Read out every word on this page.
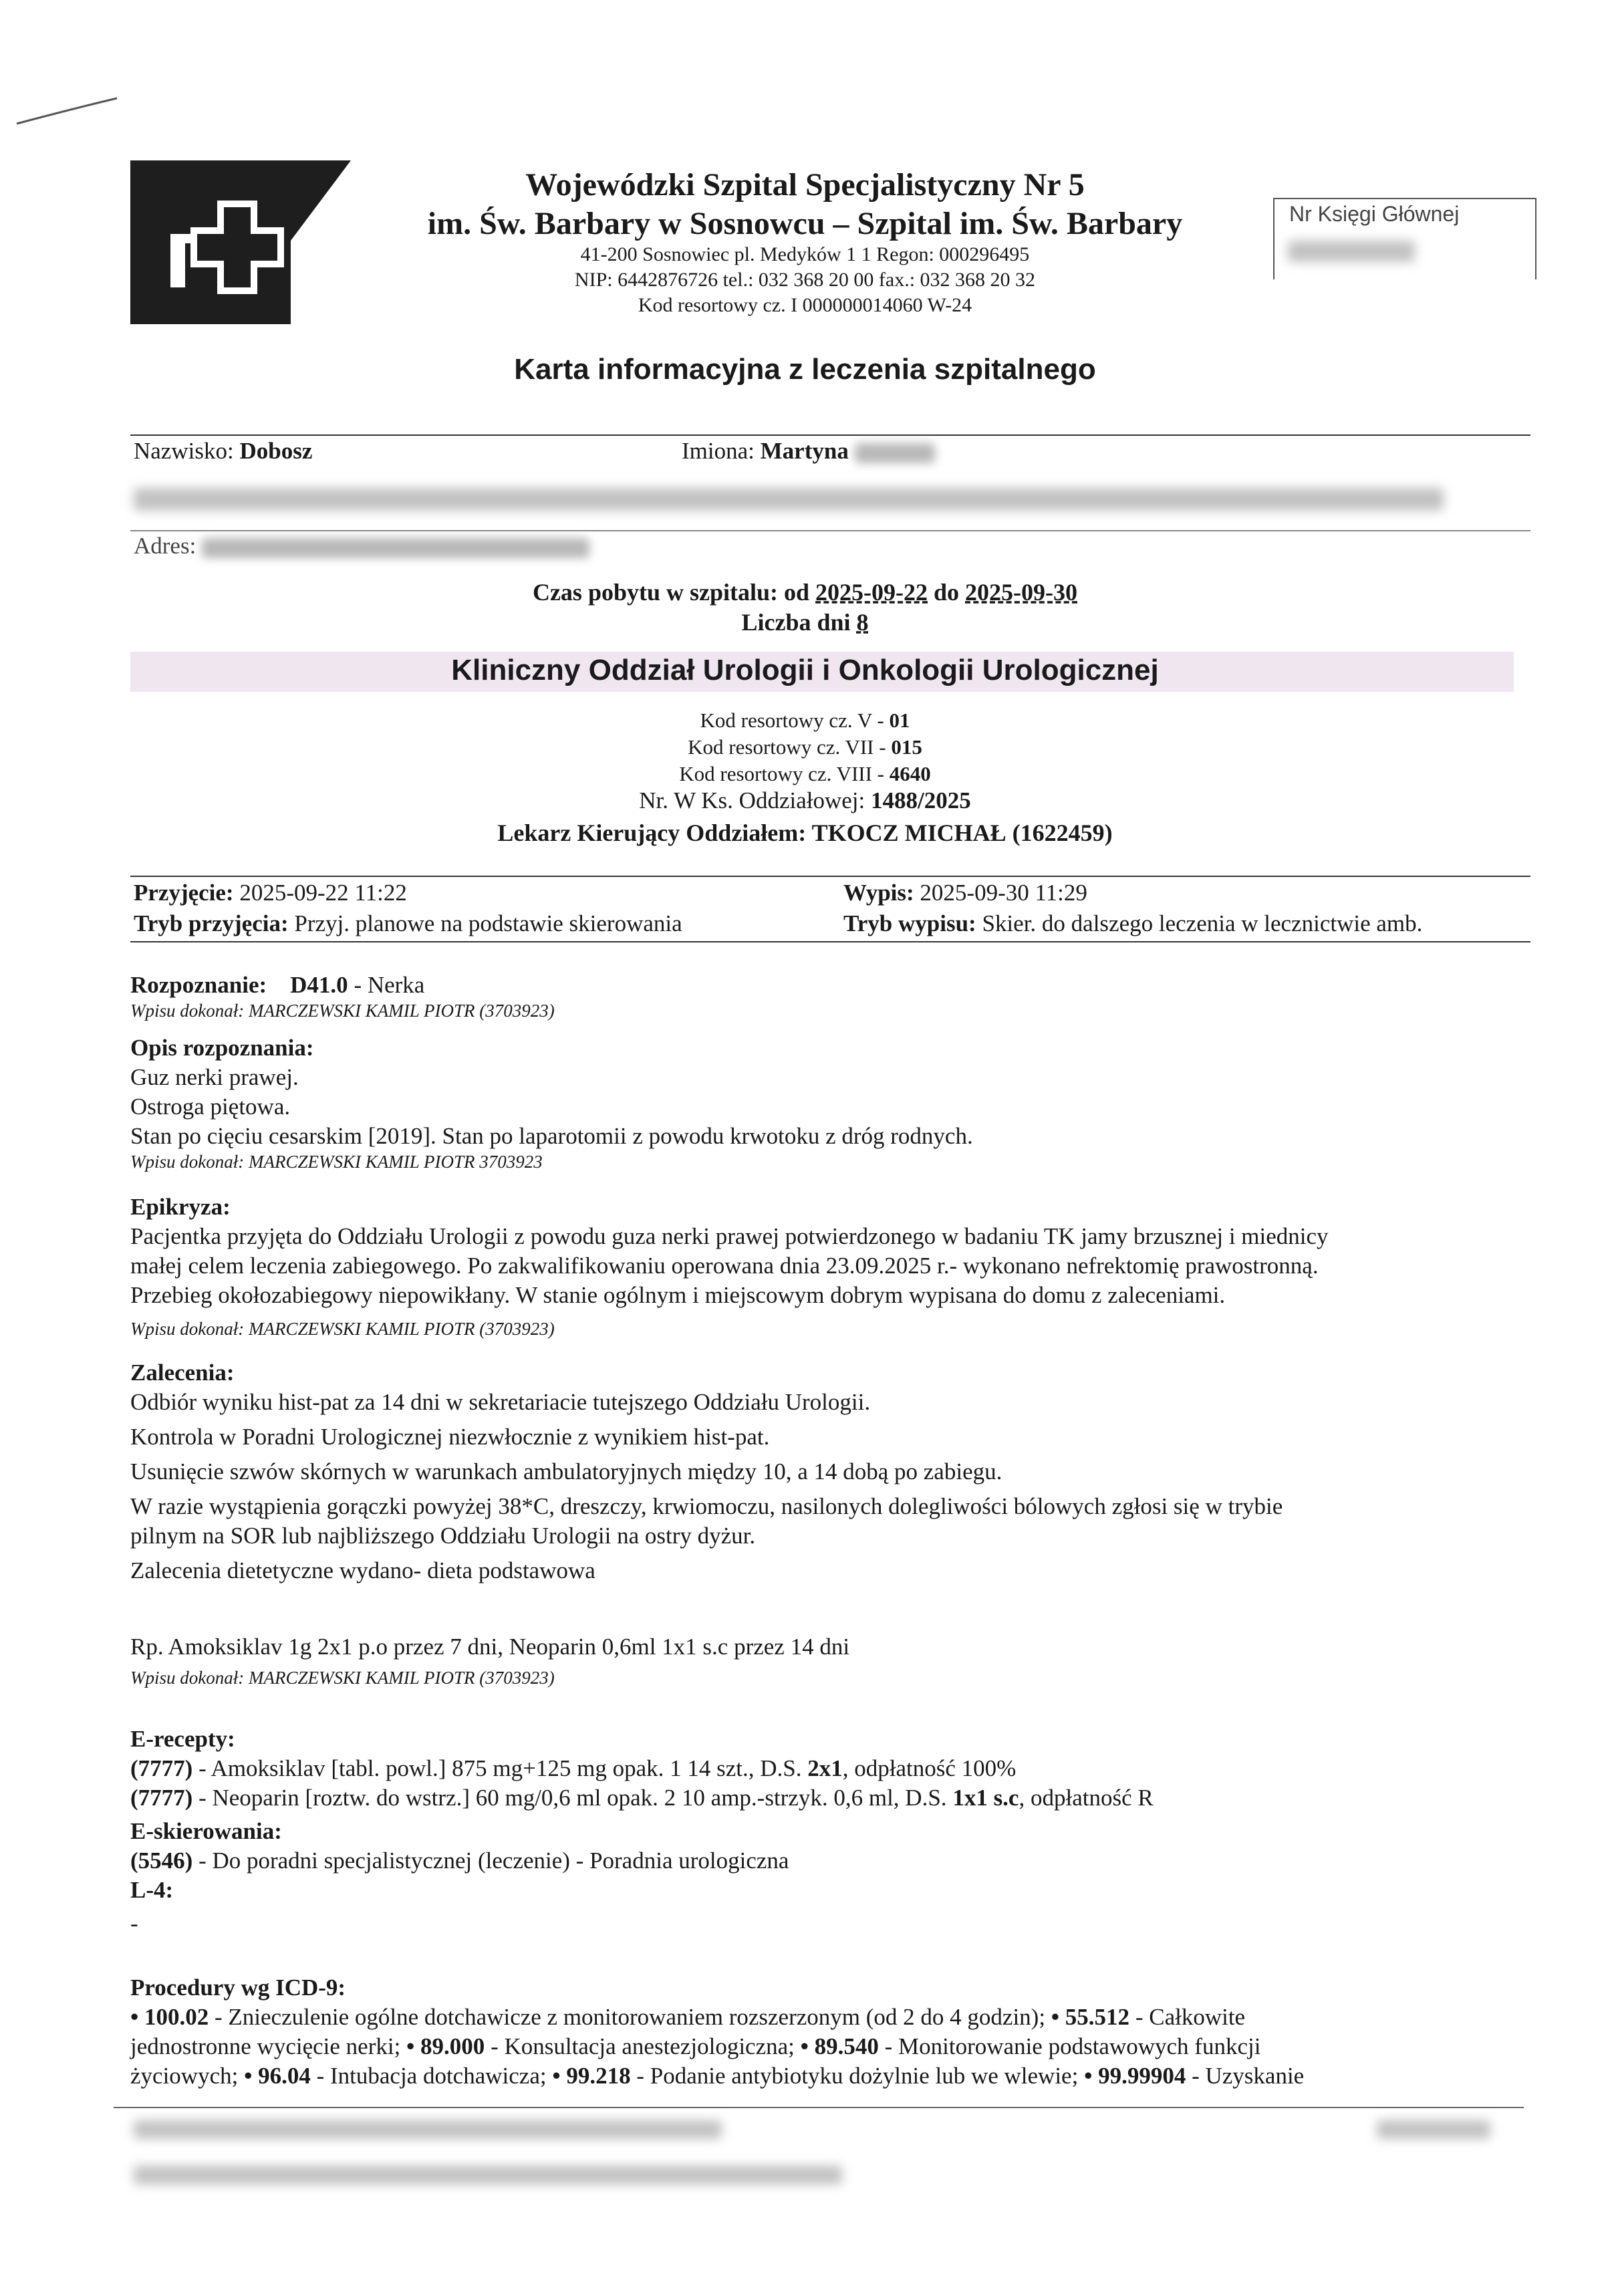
Wojewódzki Szpital Specjalistyczny Nr 5
im. Św. Barbary w Sosnowcu – Szpital im. Św. Barbary
41-200 Sosnowiec pl. Medyków 1 1 Regon: 000296495
NIP: 6442876726 tel.: 032 368 20 00 fax.: 032 368 20 32
Kod resortowy cz. I 000000014060 W-24
Nr Księgi Głównej
Karta informacyjna z leczenia szpitalnego
Nazwisko: Dobosz	Imiona: Martyna
Adres:
Czas pobytu w szpitalu: od 2025-09-22 do 2025-09-30
Liczba dni 8
Kliniczny Oddział Urologii i Onkologii Urologicznej
Kod resortowy cz. V - 01
Kod resortowy cz. VII - 015
Kod resortowy cz. VIII - 4640
Nr. W Ks. Oddziałowej: 1488/2025
Lekarz Kierujący Oddziałem: TKOCZ MICHAŁ (1622459)
Przyjęcie: 2025-09-22 11:22
Tryb przyjęcia: Przyj. planowe na podstawie skierowania
Wypis: 2025-09-30 11:29
Tryb wypisu: Skier. do dalszego leczenia w lecznictwie amb.

Rozpoznanie: D41.0 - Nerka

Wpisu dokonał: MARCZEWSKI KAMIL PIOTR (3703923)

Opis rozpoznania:

Guz nerki prawej.

Ostroga piętowa.

Stan po cięciu cesarskim [2019]. Stan po laparotomii z powodu krwotoku z dróg rodnych.

Wpisu dokonał: MARCZEWSKI KAMIL PIOTR 3703923

Epikryza:

Pacjentka przyjęta do Oddziału Urologii z powodu guza nerki prawej potwierdzonego w badaniu TK jamy brzusznej i miednicy

małej celem leczenia zabiegowego. Po zakwalifikowaniu operowana dnia 23.09.2025 r.- wykonano nefrektomię prawostronną.

Przebieg okołozabiegowy niepowikłany. W stanie ogólnym i miejscowym dobrym wypisana do domu z zaleceniami.

Wpisu dokonał: MARCZEWSKI KAMIL PIOTR (3703923)

Zalecenia:

Odbiór wyniku hist-pat za 14 dni w sekretariacie tutejszego Oddziału Urologii.

Kontrola w Poradni Urologicznej niezwłocznie z wynikiem hist-pat.

Usunięcie szwów skórnych w warunkach ambulatoryjnych między 10, a 14 dobą po zabiegu.

W razie wystąpienia gorączki powyżej 38*C, dreszczy, krwiomoczu, nasilonych dolegliwości bólowych zgłosi się w trybie

pilnym na SOR lub najbliższego Oddziału Urologii na ostry dyżur.

Zalecenia dietetyczne wydano- dieta podstawowa

Rp. Amoksiklav 1g 2x1 p.o przez 7 dni, Neoparin 0,6ml 1x1 s.c przez 14 dni

Wpisu dokonał: MARCZEWSKI KAMIL PIOTR (3703923)

E-recepty:

(7777) - Amoksiklav [tabl. powl.] 875 mg+125 mg opak. 1 14 szt., D.S. 2x1, odpłatność 100%

(7777) - Neoparin [roztw. do wstrz.] 60 mg/0,6 ml opak. 2 10 amp.-strzyk. 0,6 ml, D.S. 1x1 s.c, odpłatność R

E-skierowania:

(5546) - Do poradni specjalistycznej (leczenie) - Poradnia urologiczna

L-4:

-

Procedury wg ICD-9:

• 100.02 - Znieczulenie ogólne dotchawicze z monitorowaniem rozszerzonym (od 2 do 4 godzin); • 55.512 - Całkowite

jednostronne wycięcie nerki; • 89.000 - Konsultacja anestezjologiczna; • 89.540 - Monitorowanie podstawowych funkcji

życiowych; • 96.04 - Intubacja dotchawicza; • 99.218 - Podanie antybiotyku dożylnie lub we wlewie; • 99.99904 - Uzyskanie
